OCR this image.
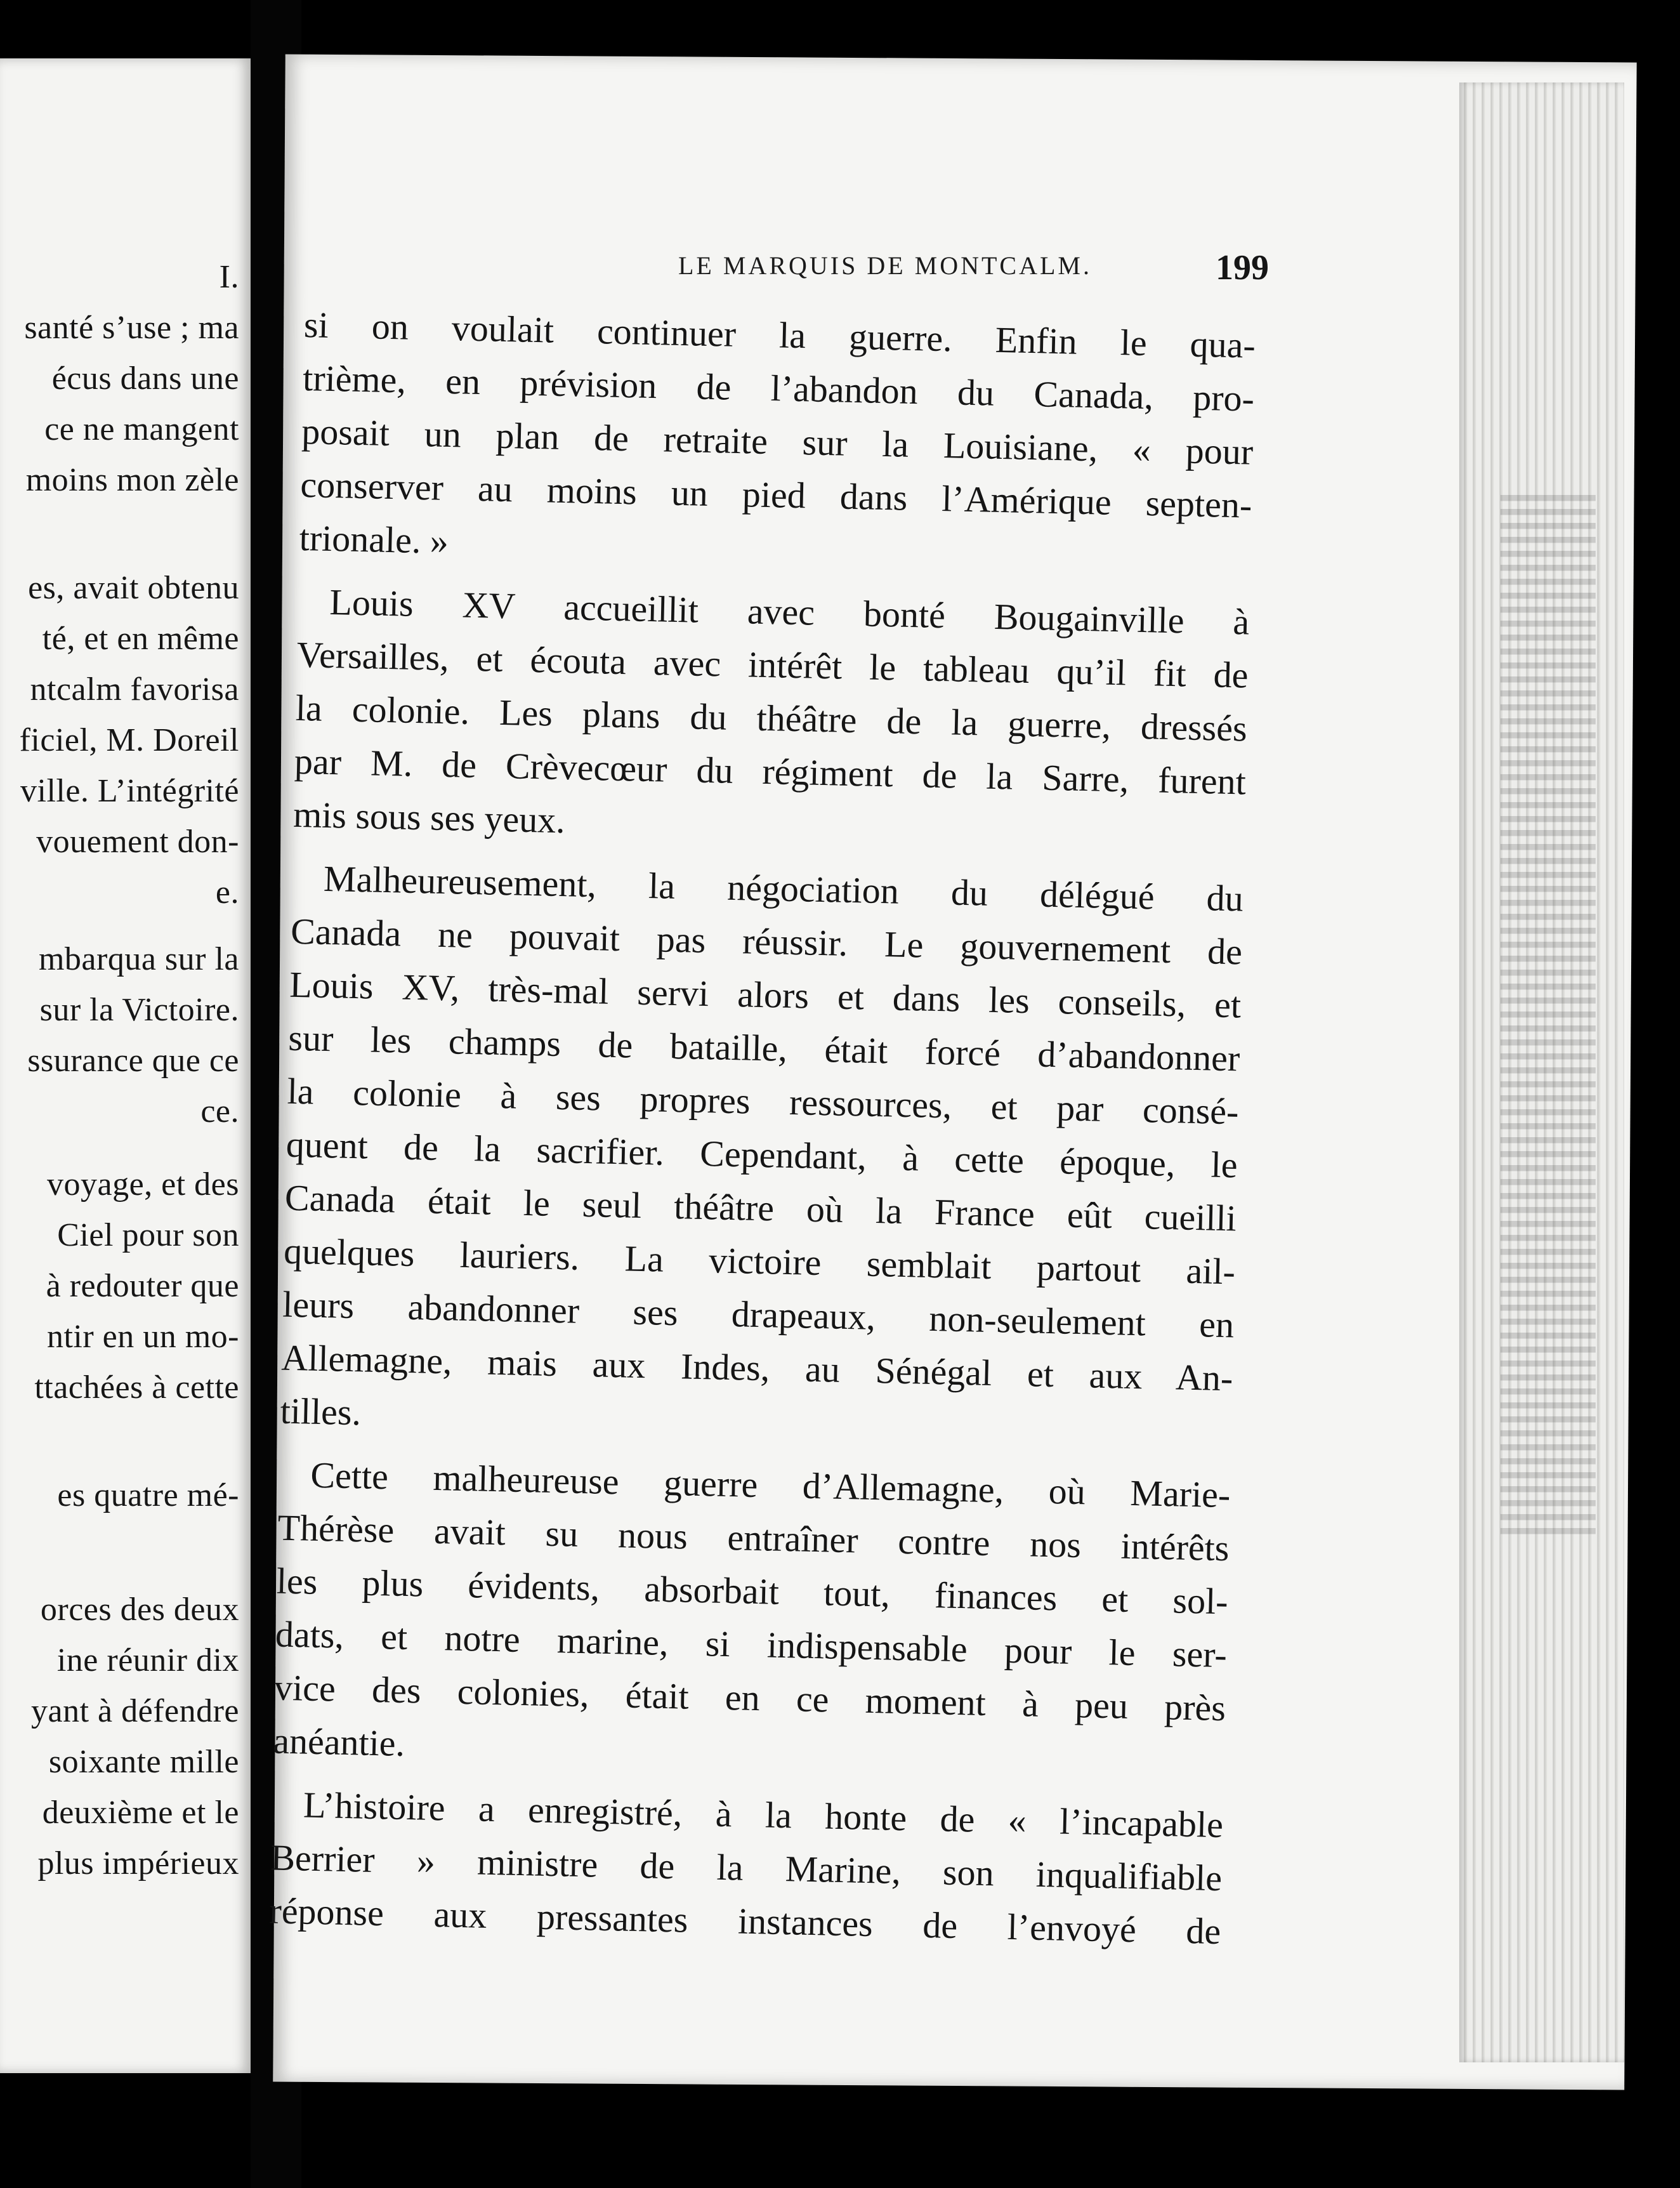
I.
santé s’use ; ma
écus dans une
ce ne mangent
moins mon zèle
es, avait obtenu
té, et en même
ntcalm favorisa
ficiel, M. Doreil
ville. L’intégrité
vouement don-
e.
mbarqua sur la
sur la Victoire.
ssurance que ce
ce.
voyage, et des
Ciel pour son
à redouter que
ntir en un mo-
ttachées à cette
es quatre mé-
orces des deux
ine réunir dix
yant à défendre
soixante mille
deuxième et le
plus impérieux
LE MARQUIS DE MONTCALM.	199
si on voulait continuer la guerre. Enfin le qua-
trième, en prévision de l’abandon du Canada, pro-
posait un plan de retraite sur la Louisiane, « pour
conserver au moins un pied dans l’Amérique septen-
trionale. »
Louis XV accueillit avec bonté Bougainville à
Versailles, et écouta avec intérêt le tableau qu’il fit de
la colonie. Les plans du théâtre de la guerre, dressés
par M. de Crèvecœur du régiment de la Sarre, furent
mis sous ses yeux.
Malheureusement, la négociation du délégué du
Canada ne pouvait pas réussir. Le gouvernement de
Louis XV, très-mal servi alors et dans les conseils, et
sur les champs de bataille, était forcé d’abandonner
la colonie à ses propres ressources, et par consé-
quent de la sacrifier. Cependant, à cette époque, le
Canada était le seul théâtre où la France eût cueilli
quelques lauriers. La victoire semblait partout ail-
leurs abandonner ses drapeaux, non-seulement en
Allemagne, mais aux Indes, au Sénégal et aux An-
tilles.
Cette malheureuse guerre d’Allemagne, où Marie-
Thérèse avait su nous entraîner contre nos intérêts
les plus évidents, absorbait tout, finances et sol-
dats, et notre marine, si indispensable pour le ser-
vice des colonies, était en ce moment à peu près
anéantie.
L’histoire a enregistré, à la honte de « l’incapable
Berrier » ministre de la Marine, son inqualifiable
réponse aux pressantes instances de l’envoyé de
